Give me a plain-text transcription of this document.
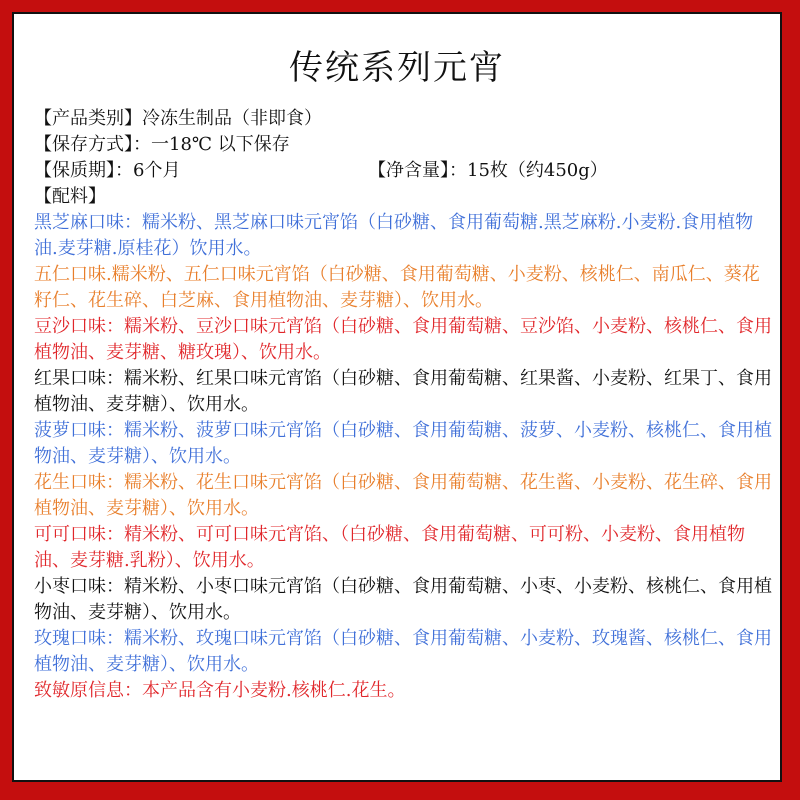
传统系列元宵
【产品类别】冷冻生制品（非即食）
【保存方式】：一18℃ 以下保存
【保质期】：6个月	【净含量】：15枚（约450g）
【配料】

黑芝麻口味：糯米粉、黑芝麻口味元宵馅（白砂糖、食用葡萄糖.黑芝麻粉.小麦粉.食用植物油.麦芽糖.原桂花）饮用水。

五仁口味.糯米粉、五仁口味元宵馅（白砂糖、食用葡萄糖、小麦粉、核桃仁、南瓜仁、葵花籽仁、花生碎、白芝麻、食用植物油、麦芽糖）、饮用水。

豆沙口味：糯米粉、豆沙口味元宵馅（白砂糖、食用葡萄糖、豆沙馅、小麦粉、核桃仁、食用植物油、麦芽糖、糖玫瑰）、饮用水。

红果口味：糯米粉、红果口味元宵馅（白砂糖、食用葡萄糖、红果酱、小麦粉、红果丁、食用植物油、麦芽糖）、饮用水。

菠萝口味：糯米粉、菠萝口味元宵馅（白砂糖、食用葡萄糖、菠萝、小麦粉、核桃仁、食用植物油、麦芽糖）、饮用水。

花生口味：糯米粉、花生口味元宵馅（白砂糖、食用葡萄糖、花生酱、小麦粉、花生碎、食用植物油、麦芽糖）、饮用水。

可可口味：精米粉、可可口味元宵馅、（白砂糖、食用葡萄糖、可可粉、小麦粉、食用植物油、麦芽糖.乳粉）、饮用水。

小枣口味：精米粉、小枣口味元宵馅（白砂糖、食用葡萄糖、小枣、小麦粉、核桃仁、食用植物油、麦芽糖）、饮用水。

玫瑰口味：糯米粉、玫瑰口味元宵馅（白砂糖、食用葡萄糖、小麦粉、玫瑰酱、核桃仁、食用植物油、麦芽糖）、饮用水。

致敏原信息：本产品含有小麦粉.核桃仁.花生。
